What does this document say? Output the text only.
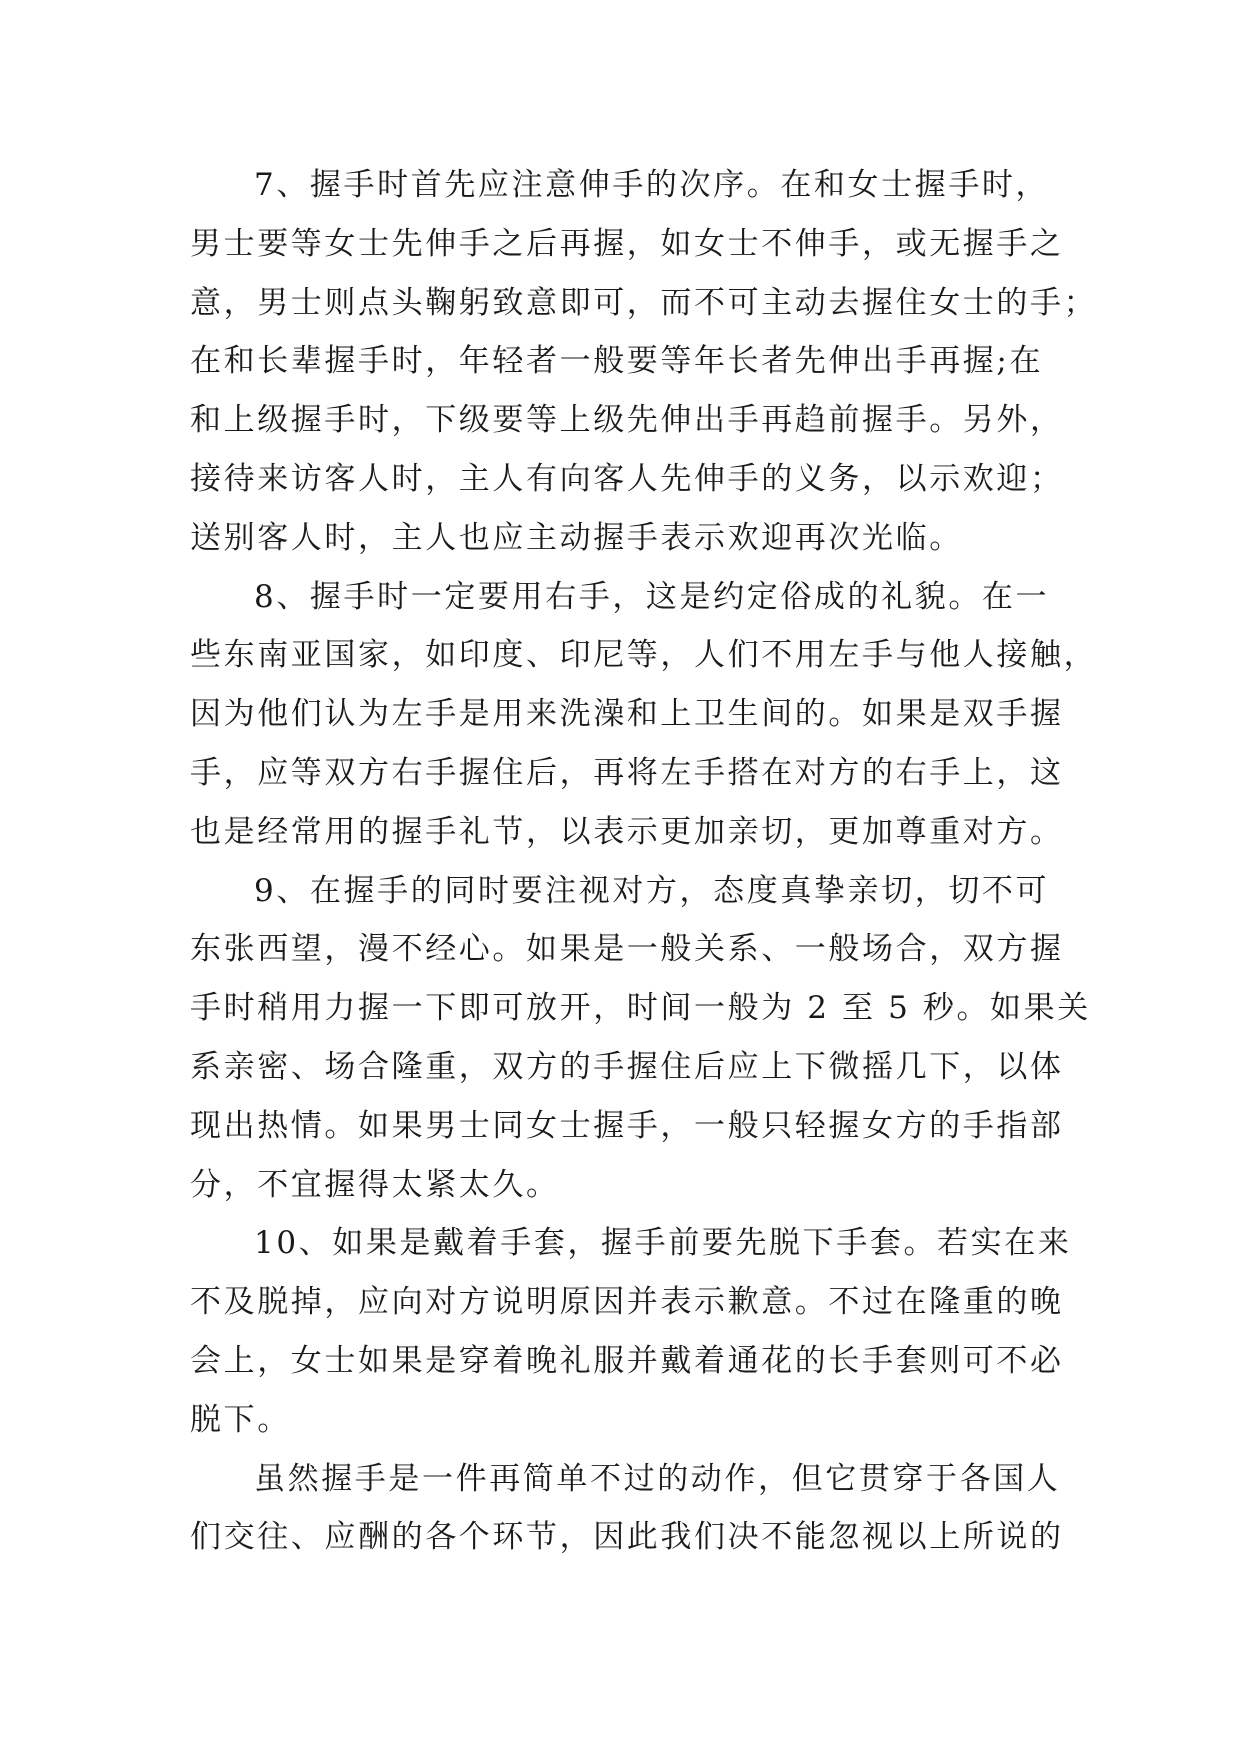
7、握手时首先应注意伸手的次序。在和女士握手时，
男士要等女士先伸手之后再握，如女士不伸手，或无握手之
意，男士则点头鞠躬致意即可，而不可主动去握住女士的手；
在和长辈握手时，年轻者一般要等年长者先伸出手再握;在
和上级握手时，下级要等上级先伸出手再趋前握手。另外，
接待来访客人时，主人有向客人先伸手的义务，以示欢迎；
送别客人时，主人也应主动握手表示欢迎再次光临。
8、握手时一定要用右手，这是约定俗成的礼貌。在一
些东南亚国家，如印度、印尼等，人们不用左手与他人接触，
因为他们认为左手是用来洗澡和上卫生间的。如果是双手握
手，应等双方右手握住后，再将左手搭在对方的右手上，这
也是经常用的握手礼节，以表示更加亲切，更加尊重对方。
9、在握手的同时要注视对方，态度真挚亲切，切不可
东张西望，漫不经心。如果是一般关系、一般场合，双方握
手时稍用力握一下即可放开，时间一般为 2 至 5 秒。如果关
系亲密、场合隆重，双方的手握住后应上下微摇几下，以体
现出热情。如果男士同女士握手，一般只轻握女方的手指部
分，不宜握得太紧太久。
10、如果是戴着手套，握手前要先脱下手套。若实在来
不及脱掉，应向对方说明原因并表示歉意。不过在隆重的晚
会上，女士如果是穿着晚礼服并戴着通花的长手套则可不必
脱下。
虽然握手是一件再简单不过的动作，但它贯穿于各国人
们交往、应酬的各个环节，因此我们决不能忽视以上所说的
